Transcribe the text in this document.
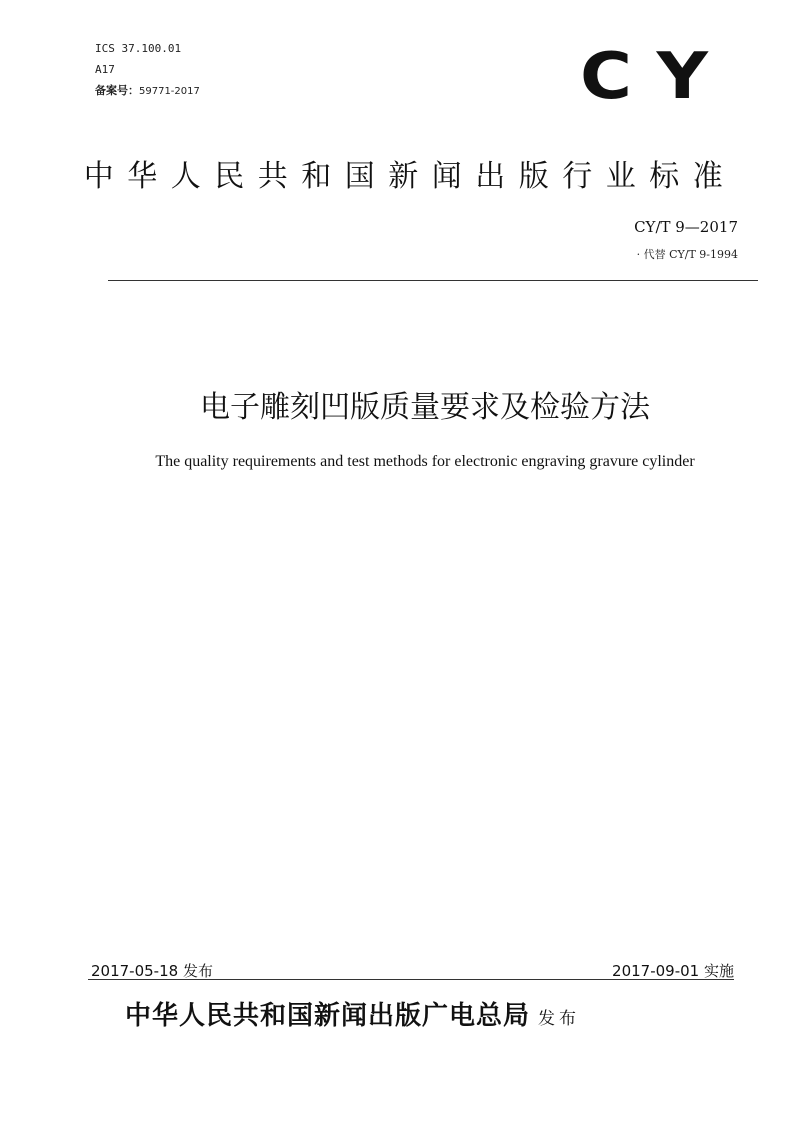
ICS 37.100.01
A17
备案号：59771-2017	C Y
中华人民共和国新闻出版行业标准
CY/T 9—2017
· 代替 CY/T 9-1994
电子雕刻凹版质量要求及检验方法
The quality requirements and test methods for electronic engraving gravure cylinder
2017-05-18 发布	2017-09-01 实施
中华人民共和国新闻出版广电总局 发布
